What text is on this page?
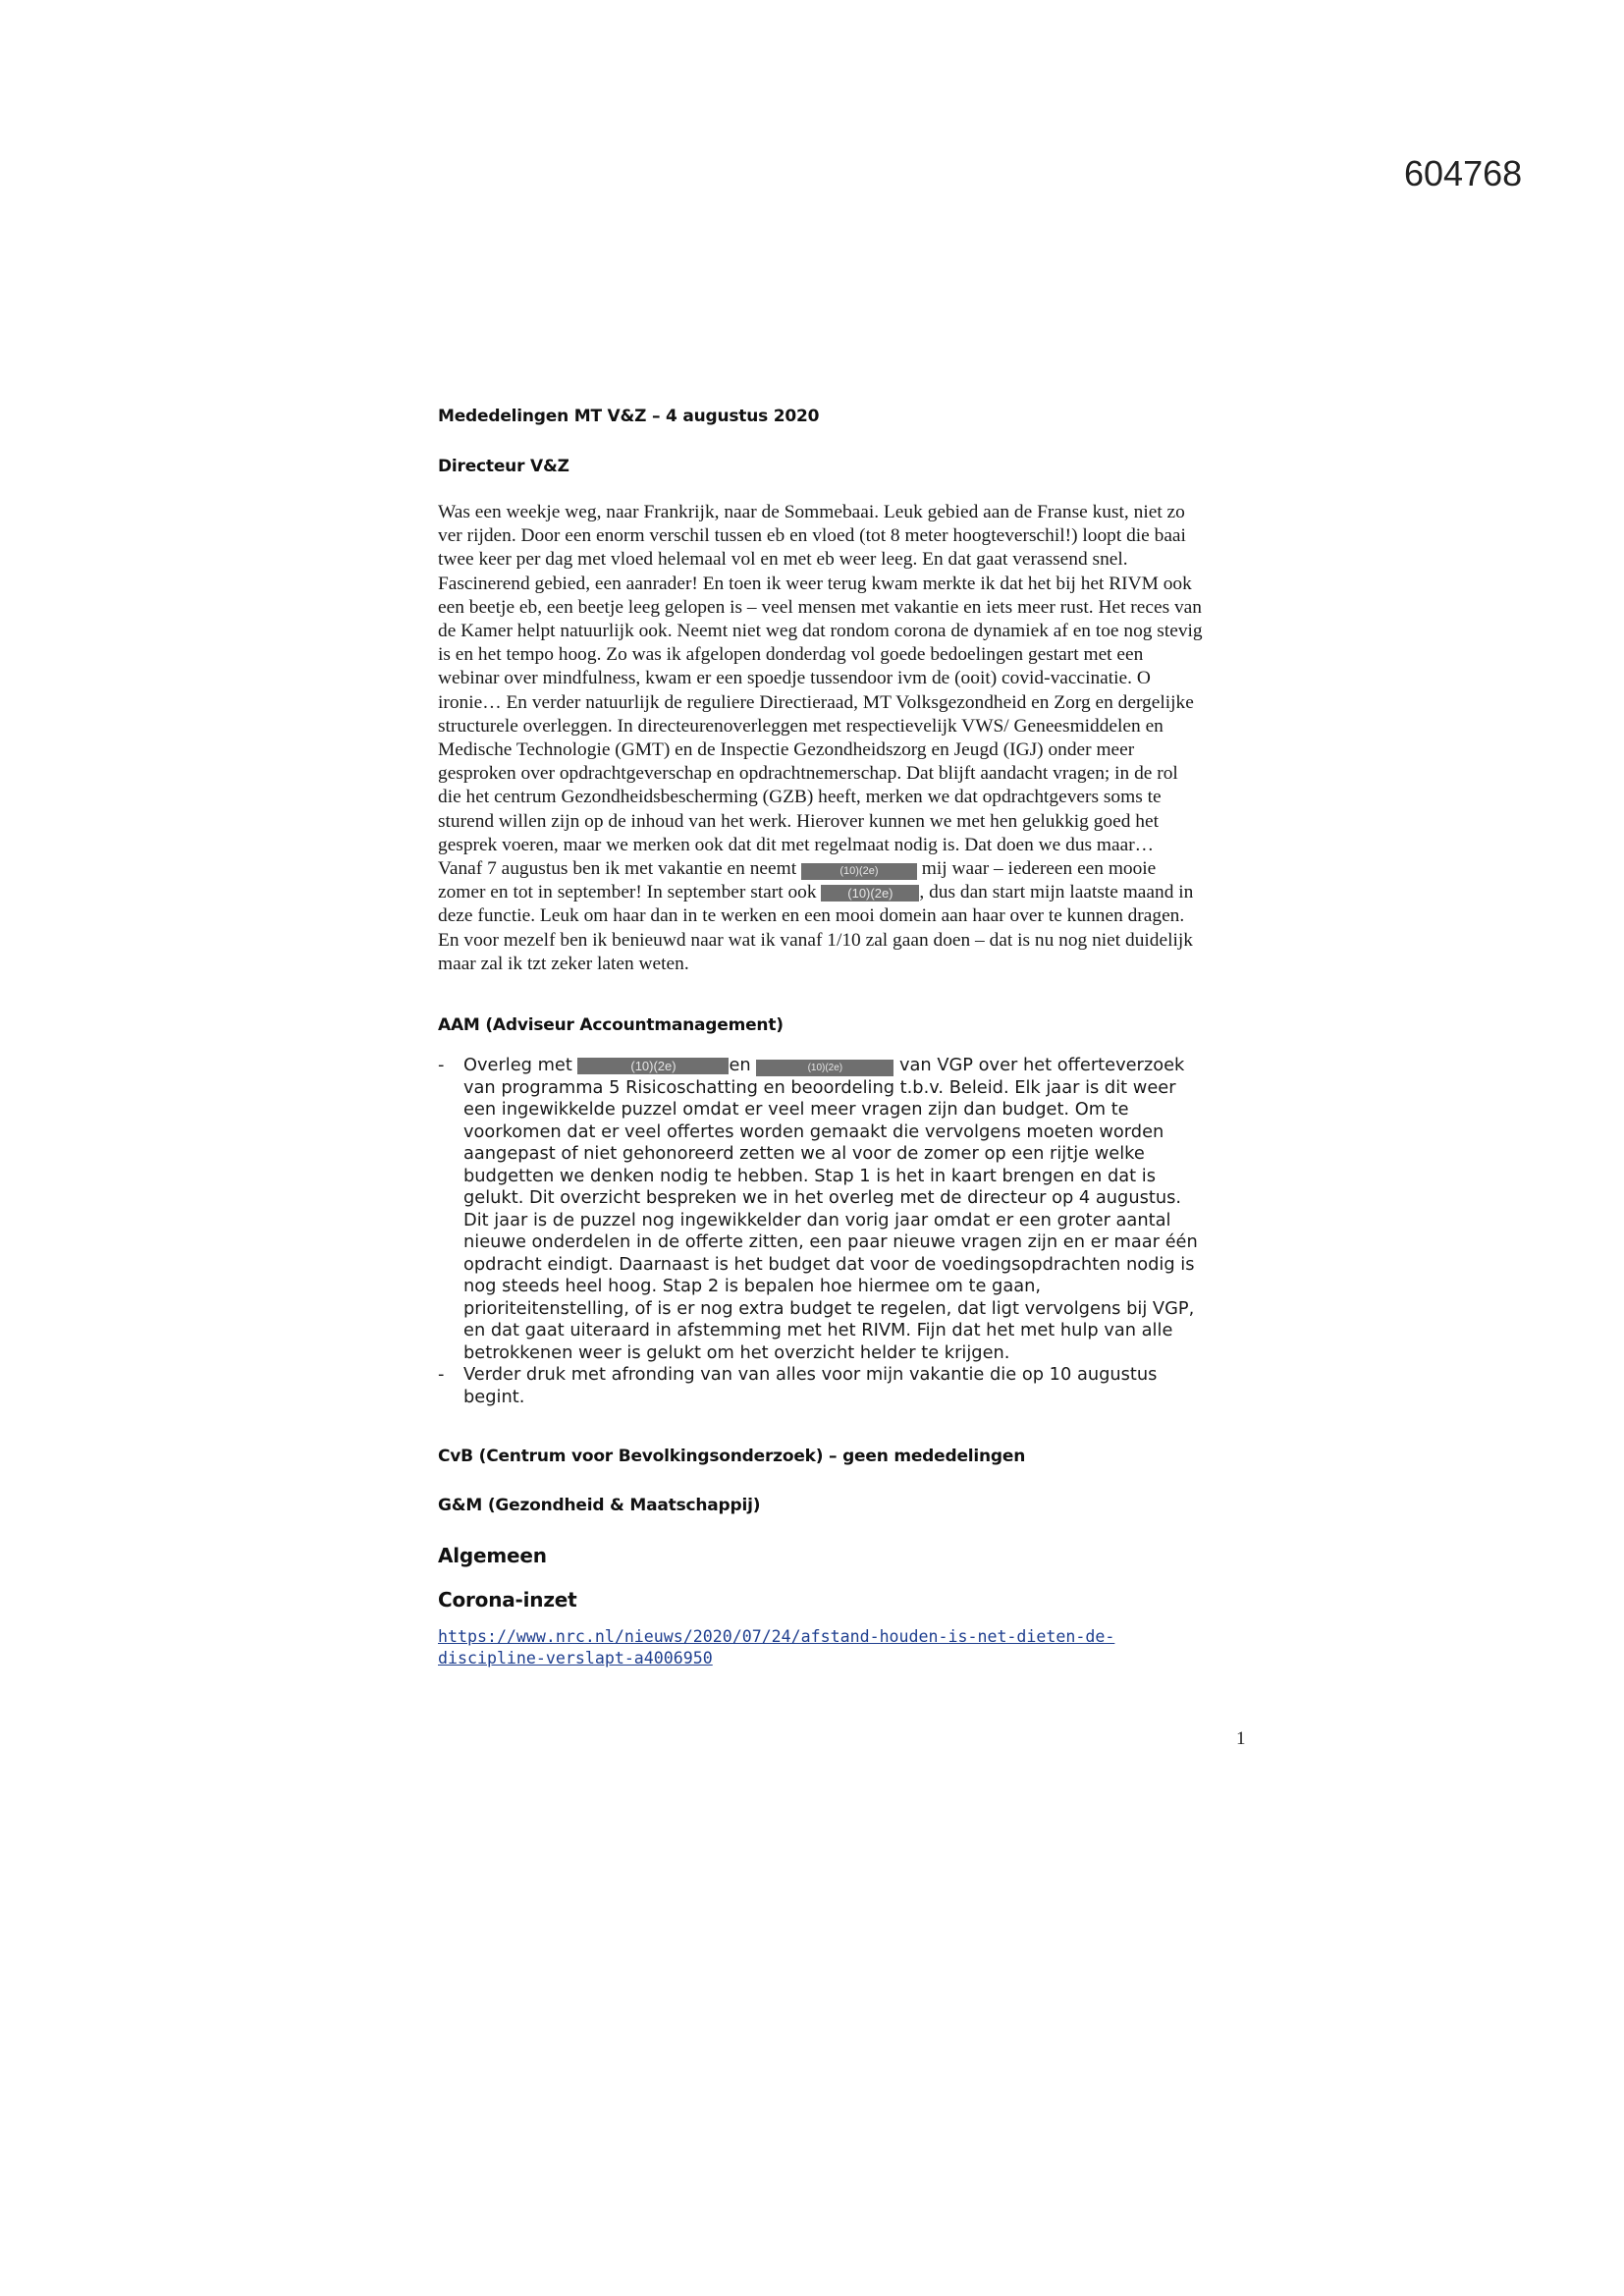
604768
Mededelingen MT V&Z – 4 augustus 2020
Directeur V&Z
Was een weekje weg, naar Frankrijk, naar de Sommebaai. Leuk gebied aan de Franse kust, niet zo
ver rijden. Door een enorm verschil tussen eb en vloed (tot 8 meter hoogteverschil!) loopt die baai
twee keer per dag met vloed helemaal vol en met eb weer leeg. En dat gaat verassend snel.
Fascinerend gebied, een aanrader! En toen ik weer terug kwam merkte ik dat het bij het RIVM ook
een beetje eb, een beetje leeg gelopen is – veel mensen met vakantie en iets meer rust. Het reces van
de Kamer helpt natuurlijk ook. Neemt niet weg dat rondom corona de dynamiek af en toe nog stevig
is en het tempo hoog. Zo was ik afgelopen donderdag vol goede bedoelingen gestart met een
webinar over mindfulness, kwam er een spoedje tussendoor ivm de (ooit) covid-vaccinatie. O
ironie… En verder natuurlijk de reguliere Directieraad, MT Volksgezondheid en Zorg en dergelijke
structurele overleggen. In directeurenoverleggen met respectievelijk VWS/ Geneesmiddelen en
Medische Technologie (GMT) en de Inspectie Gezondheidszorg en Jeugd (IGJ) onder meer
gesproken over opdrachtgeverschap en opdrachtnemerschap. Dat blijft aandacht vragen; in de rol
die het centrum Gezondheidsbescherming (GZB) heeft, merken we dat opdrachtgevers soms te
sturend willen zijn op de inhoud van het werk. Hierover kunnen we met hen gelukkig goed het
gesprek voeren, maar we merken ook dat dit met regelmaat nodig is. Dat doen we dus maar…
Vanaf 7 augustus ben ik met vakantie en neemt	(10)(2e) mij waar – iedereen een mooie
zomer en tot in september! In september start ook (10)(2e) , dus dan start mijn laatste maand in
deze functie. Leuk om haar dan in te werken en een mooi domein aan haar over te kunnen dragen.
En voor mezelf ben ik benieuwd naar wat ik vanaf 1/10 zal gaan doen – dat is nu nog niet duidelijk
maar zal ik tzt zeker laten weten.
AAM (Adviseur Accountmanagement)
- Overleg met	(10)(2e)	en	(10)(2e)	van VGP over het offerteverzoek
van programma 5 Risicoschatting en beoordeling t.b.v. Beleid. Elk jaar is dit weer
een ingewikkelde puzzel omdat er veel meer vragen zijn dan budget. Om te
voorkomen dat er veel offertes worden gemaakt die vervolgens moeten worden
aangepast of niet gehonoreerd zetten we al voor de zomer op een rijtje welke
budgetten we denken nodig te hebben. Stap 1 is het in kaart brengen en dat is
gelukt. Dit overzicht bespreken we in het overleg met de directeur op 4 augustus.
Dit jaar is de puzzel nog ingewikkelder dan vorig jaar omdat er een groter aantal
nieuwe onderdelen in de offerte zitten, een paar nieuwe vragen zijn en er maar één
opdracht eindigt. Daarnaast is het budget dat voor de voedingsopdrachten nodig is
nog steeds heel hoog. Stap 2 is bepalen hoe hiermee om te gaan,
prioriteitenstelling, of is er nog extra budget te regelen, dat ligt vervolgens bij VGP,
en dat gaat uiteraard in afstemming met het RIVM. Fijn dat het met hulp van alle
betrokkenen weer is gelukt om het overzicht helder te krijgen.
- Verder druk met afronding van van alles voor mijn vakantie die op 10 augustus
begint.
CvB (Centrum voor Bevolkingsonderzoek) – geen mededelingen
G&M (Gezondheid & Maatschappij)
Algemeen
Corona-inzet
https://www.nrc.nl/nieuws/2020/07/24/afstand-houden-is-net-dieten-de-
discipline-verslapt-a4006950
1
